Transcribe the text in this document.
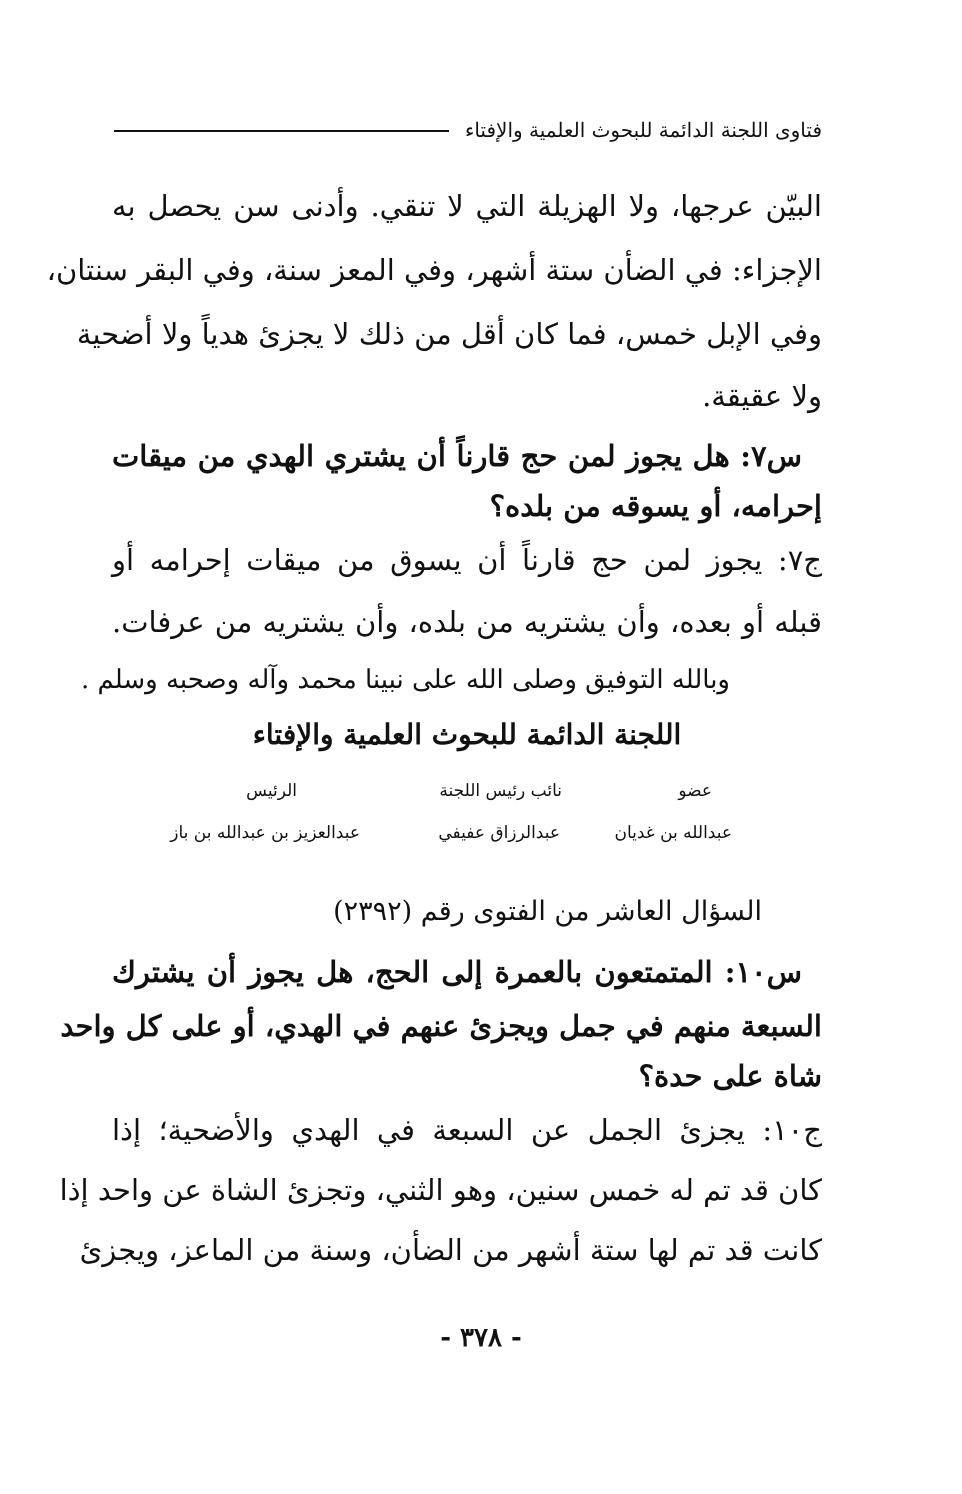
فتاوى اللجنة الدائمة للبحوث العلمية والإفتاء
البيّن عرجها، ولا الهزيلة التي لا تنقي. وأدنى سن يحصل به
الإجزاء: في الضأن ستة أشهر، وفي المعز سنة، وفي البقر سنتان،
وفي الإبل خمس، فما كان أقل من ذلك لا يجزئ هدياً ولا أضحية
ولا عقيقة.
س٧: هل يجوز لمن حج قارناً أن يشتري الهدي من ميقات
إحرامه، أو يسوقه من بلده؟
ج٧: يجوز لمن حج قارناً أن يسوق من ميقات إحرامه أو
قبله أو بعده، وأن يشتريه من بلده، وأن يشتريه من عرفات.
وبالله التوفيق وصلى الله على نبينا محمد وآله وصحبه وسلم .
اللجنة الدائمة للبحوث العلمية والإفتاء
عضو
نائب رئيس اللجنة
الرئيس
عبدالله بن غديان
عبدالرزاق عفيفي
عبدالعزيز بن عبدالله بن باز
السؤال العاشر من الفتوى رقم (٢٣٩٢)
س١٠: المتمتعون بالعمرة إلى الحج، هل يجوز أن يشترك
السبعة منهم في جمل ويجزئ عنهم في الهدي، أو على كل واحد
شاة على حدة؟
ج١٠: يجزئ الجمل عن السبعة في الهدي والأضحية؛ إذا
كان قد تم له خمس سنين، وهو الثني، وتجزئ الشاة عن واحد إذا
كانت قد تم لها ستة أشهر من الضأن، وسنة من الماعز، ويجزئ
- ٣٧٨ -
